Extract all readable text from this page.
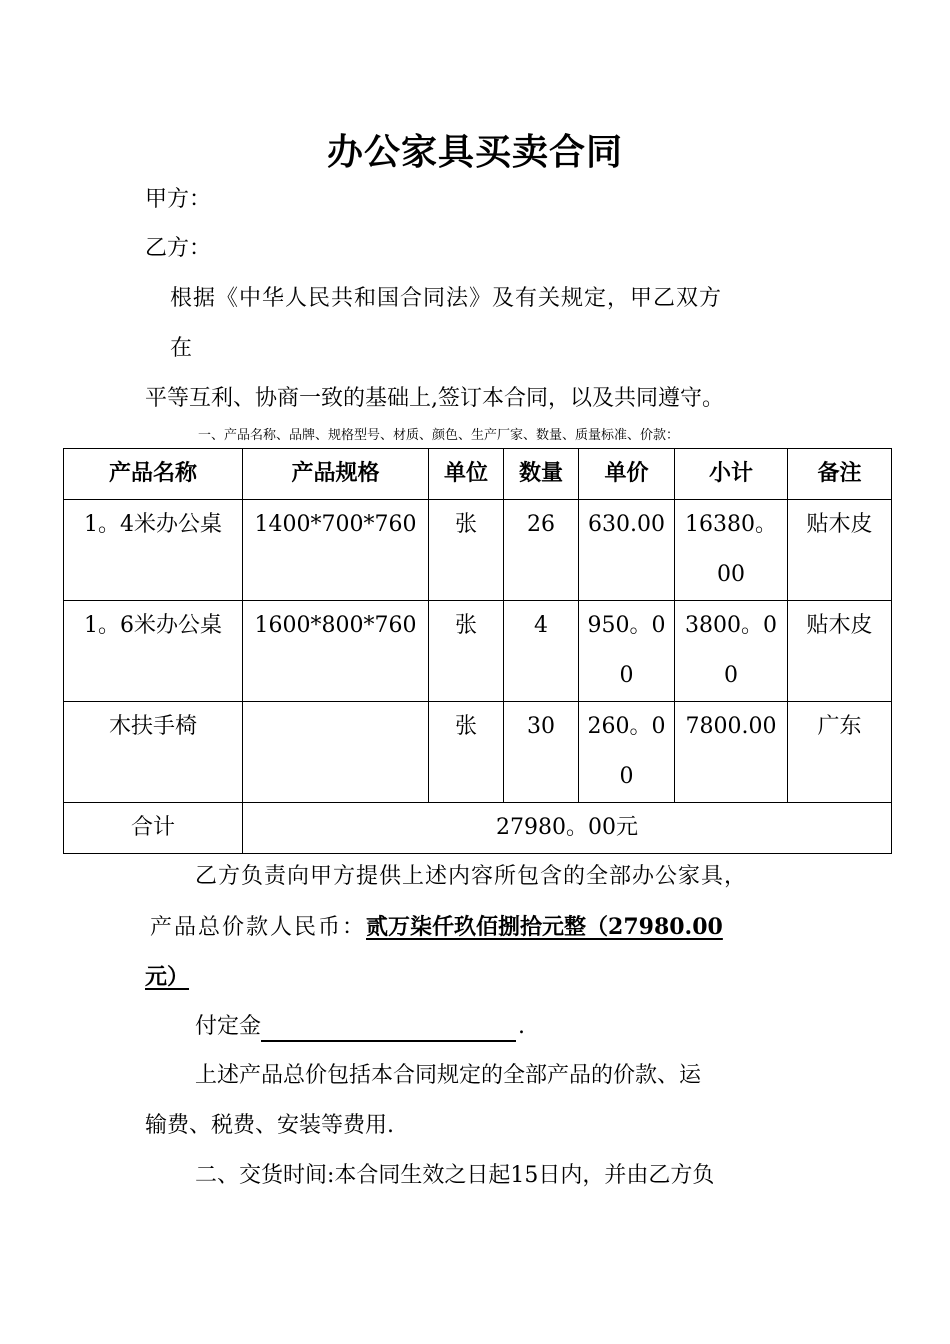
办公家具买卖合同
甲方：
乙方：
根据《中华人民共和国合同法》及有关规定，甲乙双方
在
平等互利、协商一致的基础上,签订本合同，以及共同遵守。
一、产品名称、品牌、规格型号、材质、颜色、生产厂家、数量、质量标准、价款：
产品名称	产品规格	单位	数量	单价	小计	备注
1。4米办公桌	1400*700*760	张	26	630.00	16380。00	贴木皮
1。6米办公桌	1600*800*760	张	4	950。00	3800。00	贴木皮
木扶手椅		张	30	260。00	7800.00	广东
合计	27980。00元					
乙方负责向甲方提供上述内容所包含的全部办公家具，
产品总价款人民币：贰万柒仟玖佰捌拾元整（27980.00
元）
付定金	.
上述产品总价包括本合同规定的全部产品的价款、运
输费、税费、安装等费用.
二、交货时间:本合同生效之日起15日内，并由乙方负
